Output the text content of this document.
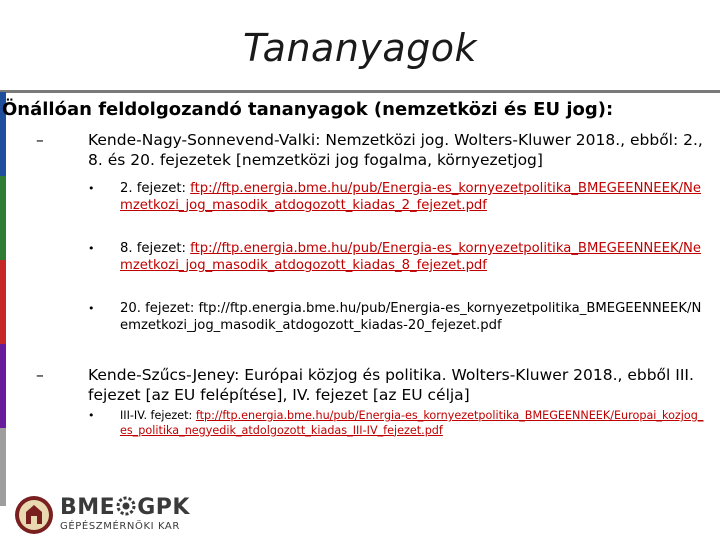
Tananyagok
Önállóan feldolgozandó tananyagok (nemzetközi és EU jog):
–	Kende-Nagy-Sonnevend-Valki: Nemzetközi jog. Wolters-Kluwer 2018., ebből: 2., 8. és 20. fejezetek [nemzetközi jog fogalma, környezetjog]
• 2. fejezet: ftp://ftp.energia.bme.hu/pub/Energia-es_kornyezetpolitika_BMEGEENNEEK/Nemzetkozi_jog_masodik_atdogozott_kiadas_2_fejezet.pdf
• 8. fejezet: ftp://ftp.energia.bme.hu/pub/Energia-es_kornyezetpolitika_BMEGEENNEEK/Nemzetkozi_jog_masodik_atdogozott_kiadas_8_fejezet.pdf
• 20. fejezet: ftp://ftp.energia.bme.hu/pub/Energia-es_kornyezetpolitika_BMEGEENNEEK/Nemzetkozi_jog_masodik_atdogozott_kiadas-20_fejezet.pdf
–	Kende-Szűcs-Jeney: Európai közjog és politika. Wolters-Kluwer 2018., ebből III. fejezet [az EU felépítése], IV. fejezet [az EU célja]
• III-IV. fejezet: ftp://ftp.energia.bme.hu/pub/Energia-es_kornyezetpolitika_BMEGEENNEEK/Europai_kozjog_es_politika_negyedik_atdolgozott_kiadas_III-IV_fejezet.pdf
BME GPK
GÉPÉSZMÉRNÖKI KAR
